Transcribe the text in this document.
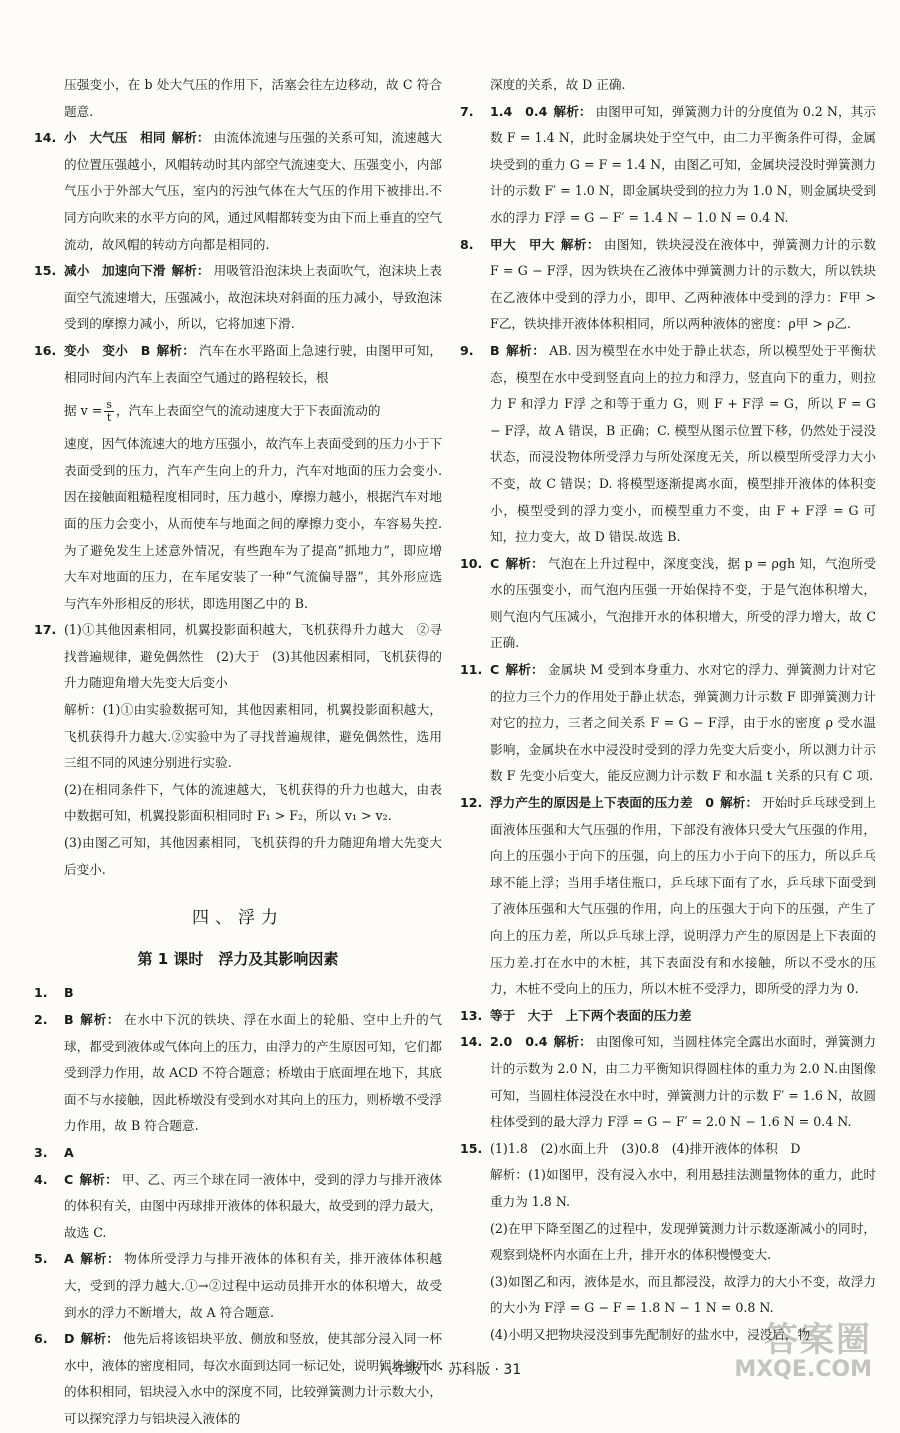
压强变小，在 b 处大气压的作用下，活塞会往左边移动，故 C 符合题意.
14. 小　大气压　相同 解析： 由流体流速与压强的关系可知，流速越大的位置压强越小，风帽转动时其内部空气流速变大、压强变小，内部气压小于外部大气压，室内的污浊气体在大气压的作用下被排出.不同方向吹来的水平方向的风，通过风帽都转变为由下而上垂直的空气流动，故风帽的转动方向都是相同的.
15. 减小　加速向下滑 解析： 用吸管沿泡沫块上表面吹气，泡沫块上表面空气流速增大，压强减小，故泡沫块对斜面的压力减小，导致泡沫受到的摩擦力减小，所以，它将加速下滑.
16. 变小　变小　B 解析： 汽车在水平路面上急速行驶，由图甲可知，相同时间内汽车上表面空气通过的路程较长，根
据 $v = \frac{s}{t}$ ，汽车上表面空气的流动速度大于下表面流动的
速度，因气体流速大的地方压强小，故汽车上表面受到的压力小于下表面受到的压力，汽车产生向上的升力，汽车对地面的压力会变小.因在接触面粗糙程度相同时，压力越小，摩擦力越小，根据汽车对地面的压力会变小，从而使车与地面之间的摩擦力变小，车容易失控.为了避免发生上述意外情况，有些跑车为了提高“抓地力”，即应增大车对地面的压力，在车尾安装了一种“气流偏导器”，其外形应选与汽车外形相反的形状，即选用图乙中的 B.
17. (1)①其他因素相同，机翼投影面积越大，飞机获得升力越大　②寻找普遍规律，避免偶然性　(2)大于　(3)其他因素相同，飞机获得的升力随迎角增大先变大后变小
解析：(1)①由实验数据可知，其他因素相同，机翼投影面积越大，飞机获得升力越大.②实验中为了寻找普遍规律，避免偶然性，选用三组不同的风速分别进行实验.
(2)在相同条件下，气体的流速越大，飞机获得的升力也越大，由表中数据可知，机翼投影面积相同时 F₁ > F₂，所以 v₁ > v₂.
(3)由图乙可知，其他因素相同，飞机获得的升力随迎角增大先变大后变小.
四、浮力
第 1 课时　浮力及其影响因素
1. B
2. B 解析： 在水中下沉的铁块、浮在水面上的轮船、空中上升的气球，都受到液体或气体向上的压力，由浮力的产生原因可知，它们都受到浮力作用，故 ACD 不符合题意；桥墩由于底面埋在地下，其底面不与水接触，因此桥墩没有受到水对其向上的压力，则桥墩不受浮力作用，故 B 符合题意.
3. A
4. C 解析： 甲、乙、丙三个球在同一液体中，受到的浮力与排开液体的体积有关，由图中丙球排开液体的体积最大，故受到的浮力最大，故选 C.
5. A 解析： 物体所受浮力与排开液体的体积有关，排开液体体积越大，受到的浮力越大.①→②过程中运动员排开水的体积增大，故受到水的浮力不断增大，故 A 符合题意.
6. D 解析： 他先后将该铝块平放、侧放和竖放，使其部分浸入同一杯水中，液体的密度相同，每次水面到达同一标记处，说明铝块排开水的体积相同，铝块浸入水中的深度不同，比较弹簧测力计示数大小，可以探究浮力与铝块浸入液体的
深度的关系，故 D 正确.
7. 1.4　0.4 解析： 由图甲可知，弹簧测力计的分度值为 0.2 N，其示数 F = 1.4 N，此时金属块处于空气中，由二力平衡条件可得，金属块受到的重力 G = F = 1.4 N，由图乙可知，金属块浸没时弹簧测力计的示数 F′ = 1.0 N，即金属块受到的拉力为 1.0 N，则金属块受到水的浮力 F浮 = G − F′ = 1.4 N − 1.0 N = 0.4 N.
8. 甲大　甲大 解析： 由图知，铁块浸没在液体中，弹簧测力计的示数 F = G − F浮，因为铁块在乙液体中弹簧测力计的示数大，所以铁块在乙液体中受到的浮力小，即甲、乙两种液体中受到的浮力：F甲 > F乙，铁块排开液体体积相同，所以两种液体的密度：ρ甲 > ρ乙.
9. B 解析： AB. 因为模型在水中处于静止状态，所以模型处于平衡状态，模型在水中受到竖直向上的拉力和浮力，竖直向下的重力，则拉力 F 和浮力 F浮 之和等于重力 G，则 F + F浮 = G，所以 F = G − F浮，故 A 错误，B 正确；C. 模型从图示位置下移，仍然处于浸没状态，而浸没物体所受浮力与所处深度无关，所以模型所受浮力大小不变，故 C 错误；D. 将模型逐渐提离水面，模型排开液体的体积变小，模型受到的浮力变小，而模型重力不变，由 F + F浮 = G 可知，拉力变大，故 D 错误.故选 B.
10. C 解析： 气泡在上升过程中，深度变浅，据 p = ρgh 知，气泡所受水的压强变小，而气泡内压强一开始保持不变，于是气泡体积增大，则气泡内气压减小，气泡排开水的体积增大，所受的浮力增大，故 C 正确.
11. C 解析： 金属块 M 受到本身重力、水对它的浮力、弹簧测力计对它的拉力三个力的作用处于静止状态，弹簧测力计示数 F 即弹簧测力计对它的拉力，三者之间关系 F = G − F浮，由于水的密度 ρ 受水温影响，金属块在水中浸没时受到的浮力先变大后变小，所以测力计示数 F 先变小后变大，能反应测力计示数 F 和水温 t 关系的只有 C 项.
12. 浮力产生的原因是上下表面的压力差　0 解析： 开始时乒乓球受到上面液体压强和大气压强的作用，下部没有液体只受大气压强的作用，向上的压强小于向下的压强，向上的压力小于向下的压力，所以乒乓球不能上浮；当用手堵住瓶口，乒乓球下面有了水，乒乓球下面受到了液体压强和大气压强的作用，向上的压强大于向下的压强，产生了向上的压力差，所以乒乓球上浮，说明浮力产生的原因是上下表面的压力差.打在水中的木桩，其下表面没有和水接触，所以不受水的压力，木桩不受向上的压力，所以木桩不受浮力，即所受的浮力为 0.
13. 等于　大于　上下两个表面的压力差
14. 2.0　0.4 解析： 由图像可知，当圆柱体完全露出水面时，弹簧测力计的示数为 2.0 N，由二力平衡知识得圆柱体的重力为 2.0 N.由图像可知，当圆柱体浸没在水中时，弹簧测力计的示数 F′ = 1.6 N，故圆柱体受到的最大浮力 F浮 = G − F′ = 2.0 N − 1.6 N = 0.4 N.
15. (1)1.8　(2)水面上升　(3)0.8　(4)排开液体的体积　D
解析：(1)如图甲，没有浸入水中，利用悬挂法测量物体的重力，此时重力为 1.8 N.
(2)在甲下降至图乙的过程中，发现弹簧测力计示数逐渐减小的同时，观察到烧杯内水面在上升，排开水的体积慢慢变大.
(3)如图乙和丙，液体是水，而且都浸没，故浮力的大小不变，故浮力的大小为 F浮 = G − F = 1.8 N − 1 N = 0.8 N.
(4)小明又把物块浸没到事先配制好的盐水中，浸没后，物
八年级下 · 苏科版 · 31
答案圈
MXQE.COM
